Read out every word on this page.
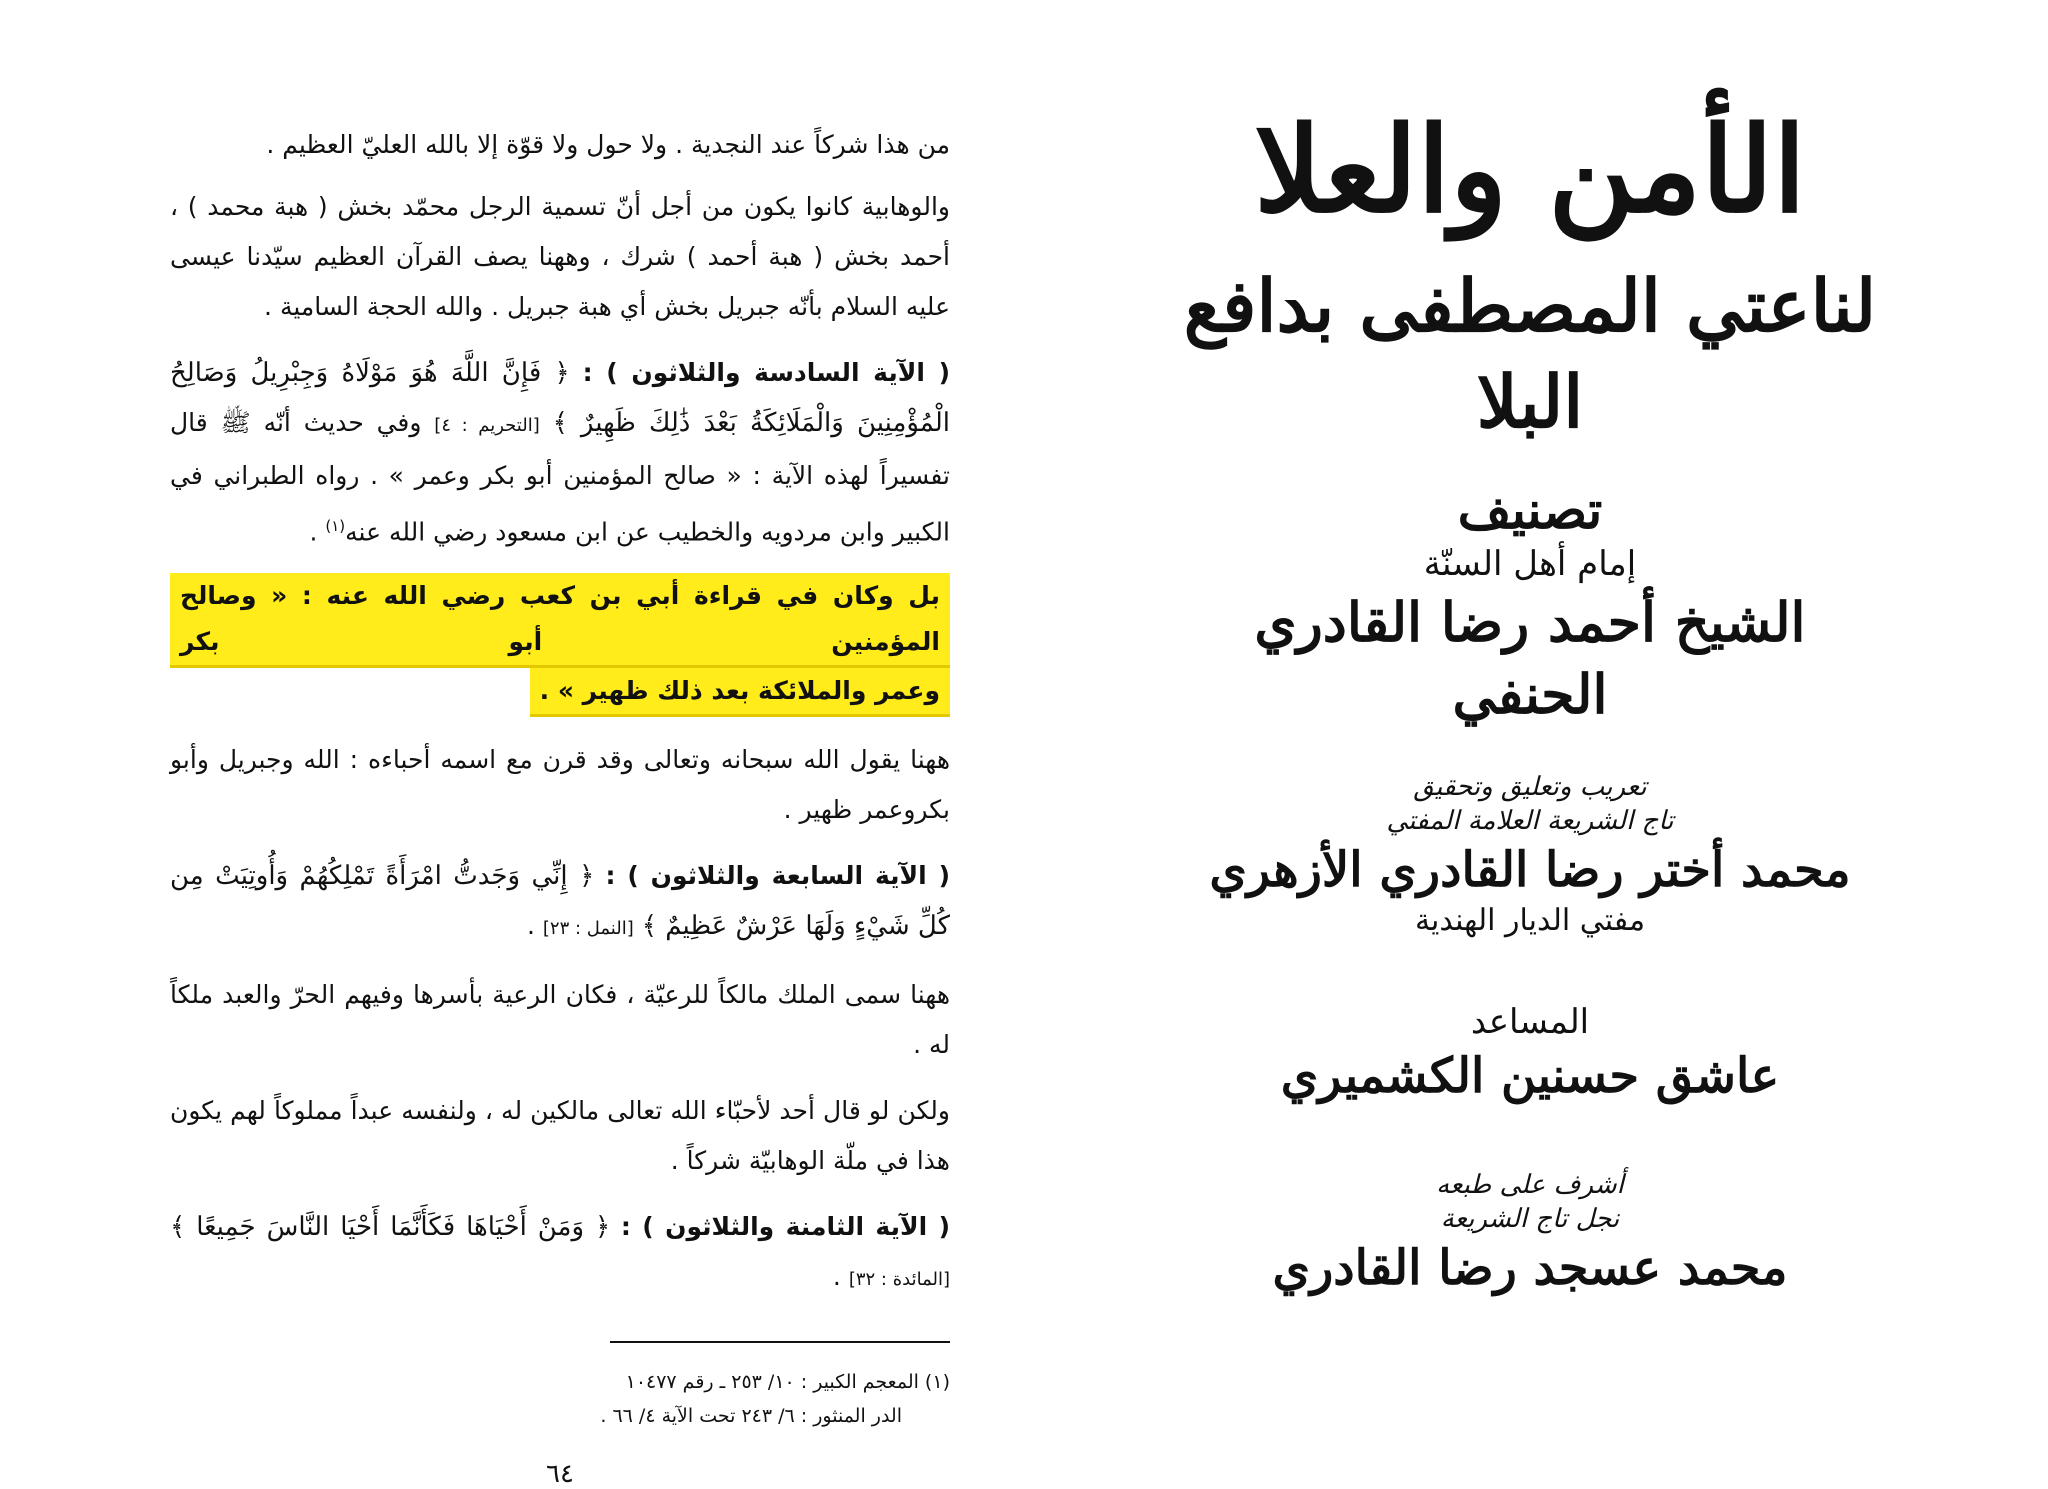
من هذا شركاً عند النجدية . ولا حول ولا قوّة إلا بالله العليّ العظيم .

والوهابية كانوا يكون من أجل أنّ تسمية الرجل محمّد بخش ( هبة محمد ) ، أحمد بخش ( هبة أحمد ) شرك ، وههنا يصف القرآن العظيم سيّدنا عيسى عليه السلام بأنّه جبريل بخش أي هبة جبريل . والله الحجة السامية .

( الآية السادسة والثلاثون ) : ﴿ فَإِنَّ اللَّهَ هُوَ مَوْلَاهُ وَجِبْرِيلُ وَصَالِحُ الْمُؤْمِنِينَ وَالْمَلَائِكَةُ بَعْدَ ذَٰلِكَ ظَهِيرٌ ﴾ [التحريم : ٤] وفي حديث أنّه ﷺ قال تفسيراً لهذه الآية : « صالح المؤمنين أبو بكر وعمر » . رواه الطبراني في الكبير وابن مردويه والخطيب عن ابن مسعود رضي الله عنه$^{(١)}$ .

بل وكان في قراءة أبي بن كعب رضي الله عنه : « وصالح المؤمنين أبو بكر
وعمر والملائكة بعد ذلك ظهير » .

ههنا يقول الله سبحانه وتعالى وقد قرن مع اسمه أحباءه : الله وجبريل وأبو بكروعمر ظهير .

( الآية السابعة والثلاثون ) : ﴿ إِنِّي وَجَدتُّ امْرَأَةً تَمْلِكُهُمْ وَأُوتِيَتْ مِن كُلِّ شَيْءٍ وَلَهَا عَرْشٌ عَظِيمٌ ﴾ [النمل : ٢٣] .

ههنا سمى الملك مالكاً للرعيّة ، فكان الرعية بأسرها وفيهم الحرّ والعبد ملكاً له .

ولكن لو قال أحد لأحبّاء الله تعالى مالكين له ، ولنفسه عبداً مملوكاً لهم يكون هذا في ملّة الوهابيّة شركاً .

( الآية الثامنة والثلاثون ) : ﴿ وَمَنْ أَحْيَاهَا فَكَأَنَّمَا أَحْيَا النَّاسَ جَمِيعًا ﴾ [المائدة : ٣٢] .

(١) المعجم الكبير : ١٠/ ٢٥٣ ـ رقم ١٠٤٧٧

الدر المنثور : ٦/ ٢٤٣ تحت الآية ٤/ ٦٦ .

٦٤
الأمن والعلا
لناعتي المصطفى بدافع البلا

تصنيف

إمام أهل السنّة

الشيخ أحمد رضا القادري الحنفي

تعريب وتعليق وتحقيق

تاج الشريعة العلامة المفتي

محمد أختر رضا القادري الأزهري

مفتي الديار الهندية

المساعد

عاشق حسنين الكشميري

أشرف على طبعه

نجل تاج الشريعة

محمد عسجد رضا القادري
